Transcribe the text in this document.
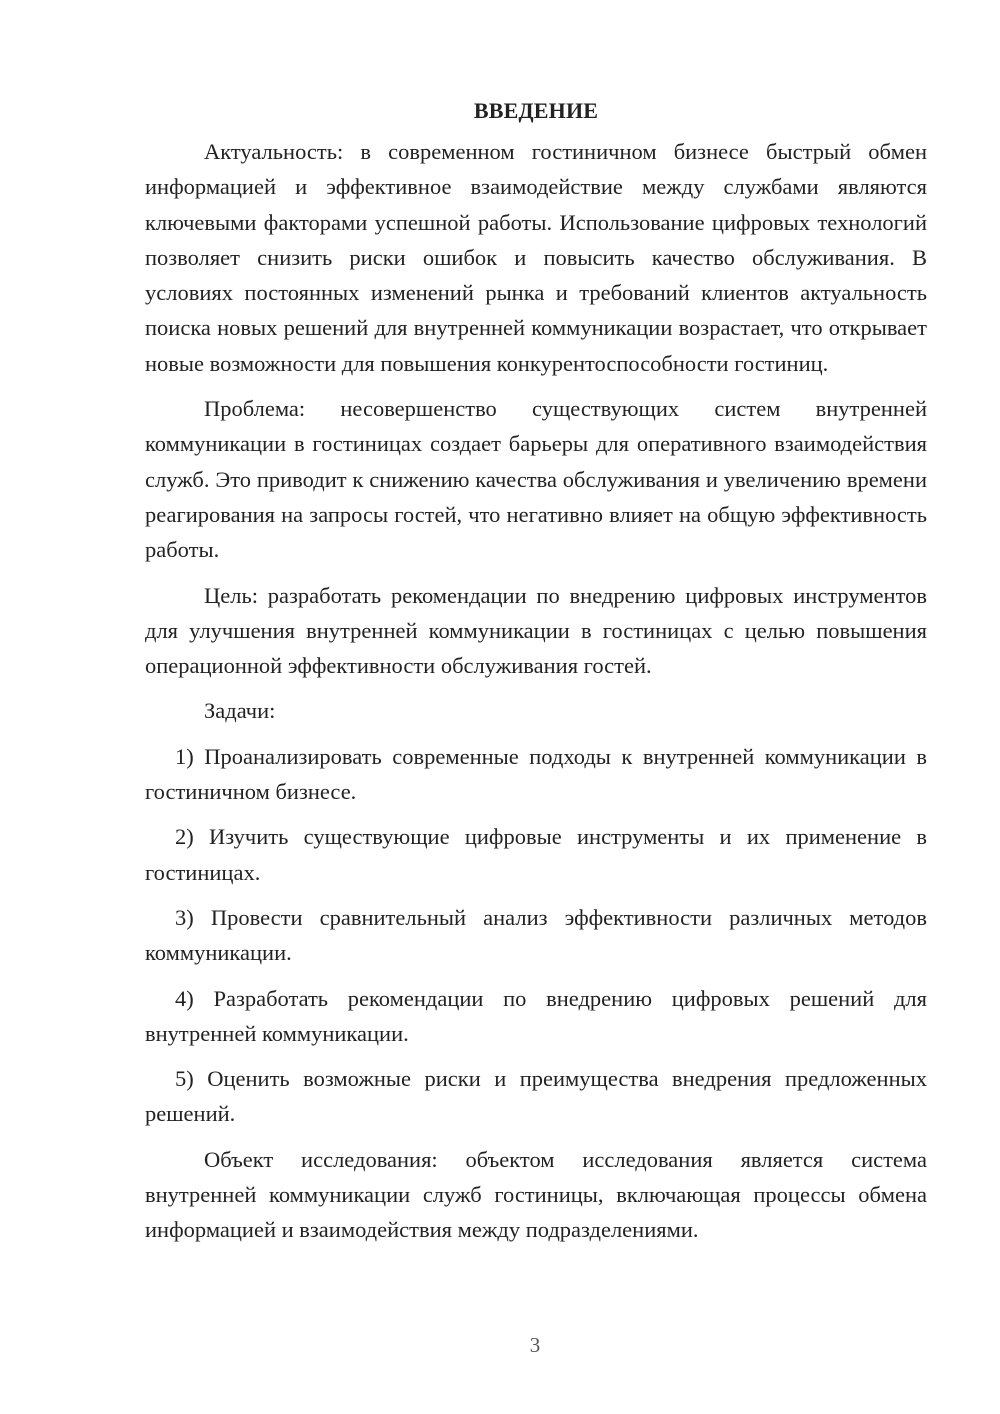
ВВЕДЕНИЕ

Актуальность: в современном гостиничном бизнесе быстрый обмен информацией и эффективное взаимодействие между службами являются ключевыми факторами успешной работы. Использование цифровых технологий позволяет снизить риски ошибок и повысить качество обслуживания. В условиях постоянных изменений рынка и требований клиентов актуальность поиска новых решений для внутренней коммуникации возрастает, что открывает новые возможности для повышения конкурентоспособности гостиниц.

Проблема: несовершенство существующих систем внутренней коммуникации в гостиницах создает барьеры для оперативного взаимодействия служб. Это приводит к снижению качества обслуживания и увеличению времени реагирования на запросы гостей, что негативно влияет на общую эффективность работы.

Цель: разработать рекомендации по внедрению цифровых инструментов для улучшения внутренней коммуникации в гостиницах с целью повышения операционной эффективности обслуживания гостей.

Задачи:

1) Проанализировать современные подходы к внутренней коммуникации в гостиничном бизнесе.

2) Изучить существующие цифровые инструменты и их применение в гостиницах.

3) Провести сравнительный анализ эффективности различных методов коммуникации.

4) Разработать рекомендации по внедрению цифровых решений для внутренней коммуникации.

5) Оценить возможные риски и преимущества внедрения предложенных решений.

Объект исследования: объектом исследования является система внутренней коммуникации служб гостиницы, включающая процессы обмена информацией и взаимодействия между подразделениями.

3
